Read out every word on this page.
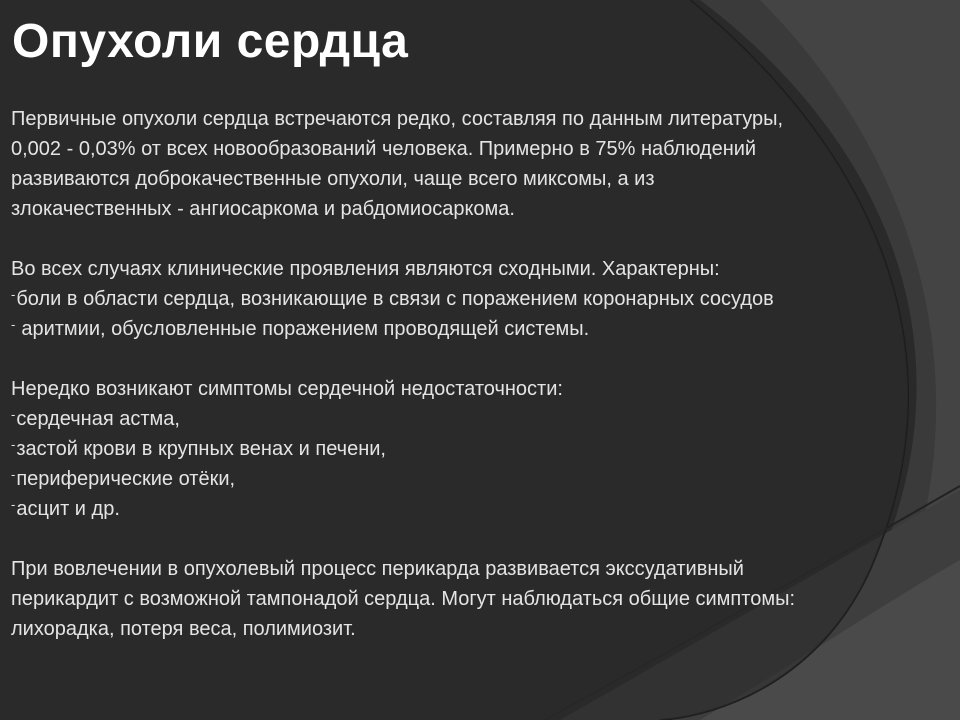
Опухоли сердца

Первичные опухоли сердца встречаются редко, составляя по данным литературы,
0,002 - 0,03% от всех новообразований человека. Примерно в 75% наблюдений
развиваются доброкачественные опухоли, чаще всего миксомы, а из
злокачественных - ангиосаркома и рабдомиосаркома.

Во всех случаях клинические проявления являются сходными. Характерны:
-боли в области сердца, возникающие в связи с поражением коронарных сосудов
- аритмии, обусловленные поражением проводящей системы.
Нередко возникают симптомы сердечной недостаточности:
-сердечная астма,
-застой крови в крупных венах и печени,
-периферические отёки,
-асцит и др.

При вовлечении в опухолевый процесс перикарда развивается экссудативный
перикардит с возможной тампонадой сердца. Могут наблюдаться общие симптомы:
лихорадка, потеря веса, полимиозит.
